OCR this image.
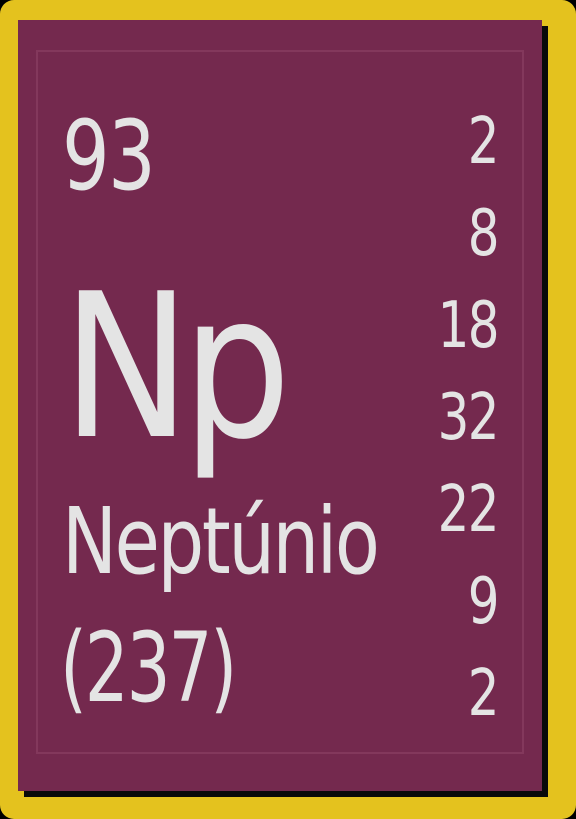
93
Np
Neptúnio
(237)
2
8
18
32
22
9
2
